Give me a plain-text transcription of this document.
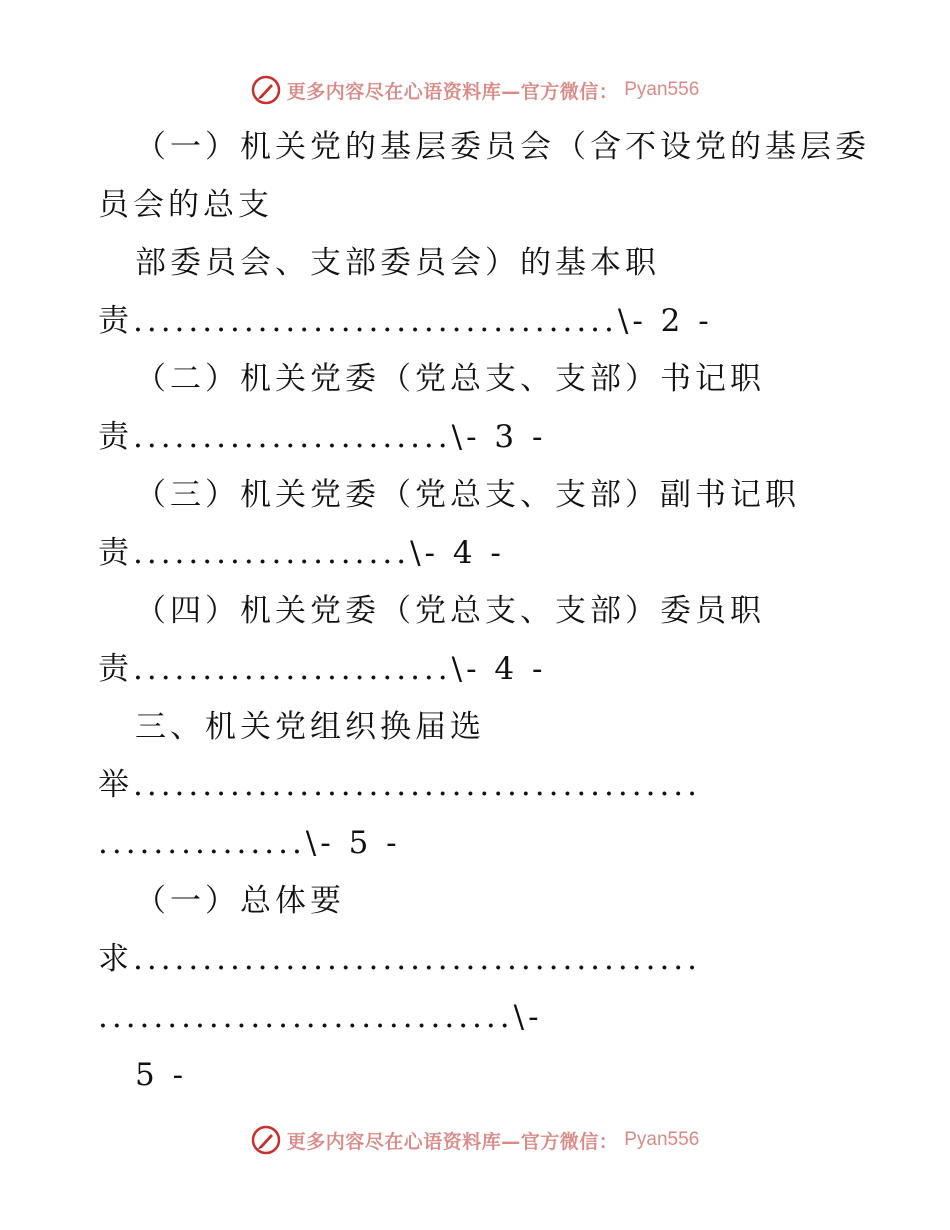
更多内容尽在心语资料库—官方微信： Pyan556
（一）机关党的基层委员会（含不设党的基层委
员会的总支
部委员会、支部委员会）的基本职
责...................................\- 2 -
（二）机关党委（党总支、支部）书记职
责.......................\- 3 -
（三）机关党委（党总支、支部）副书记职
责....................\- 4 -
（四）机关党委（党总支、支部）委员职
责.......................\- 4 -
三、机关党组织换届选
举.........................................
...............\- 5 -
（一）总体要
求.........................................
..............................\-
5 -
更多内容尽在心语资料库—官方微信： Pyan556
